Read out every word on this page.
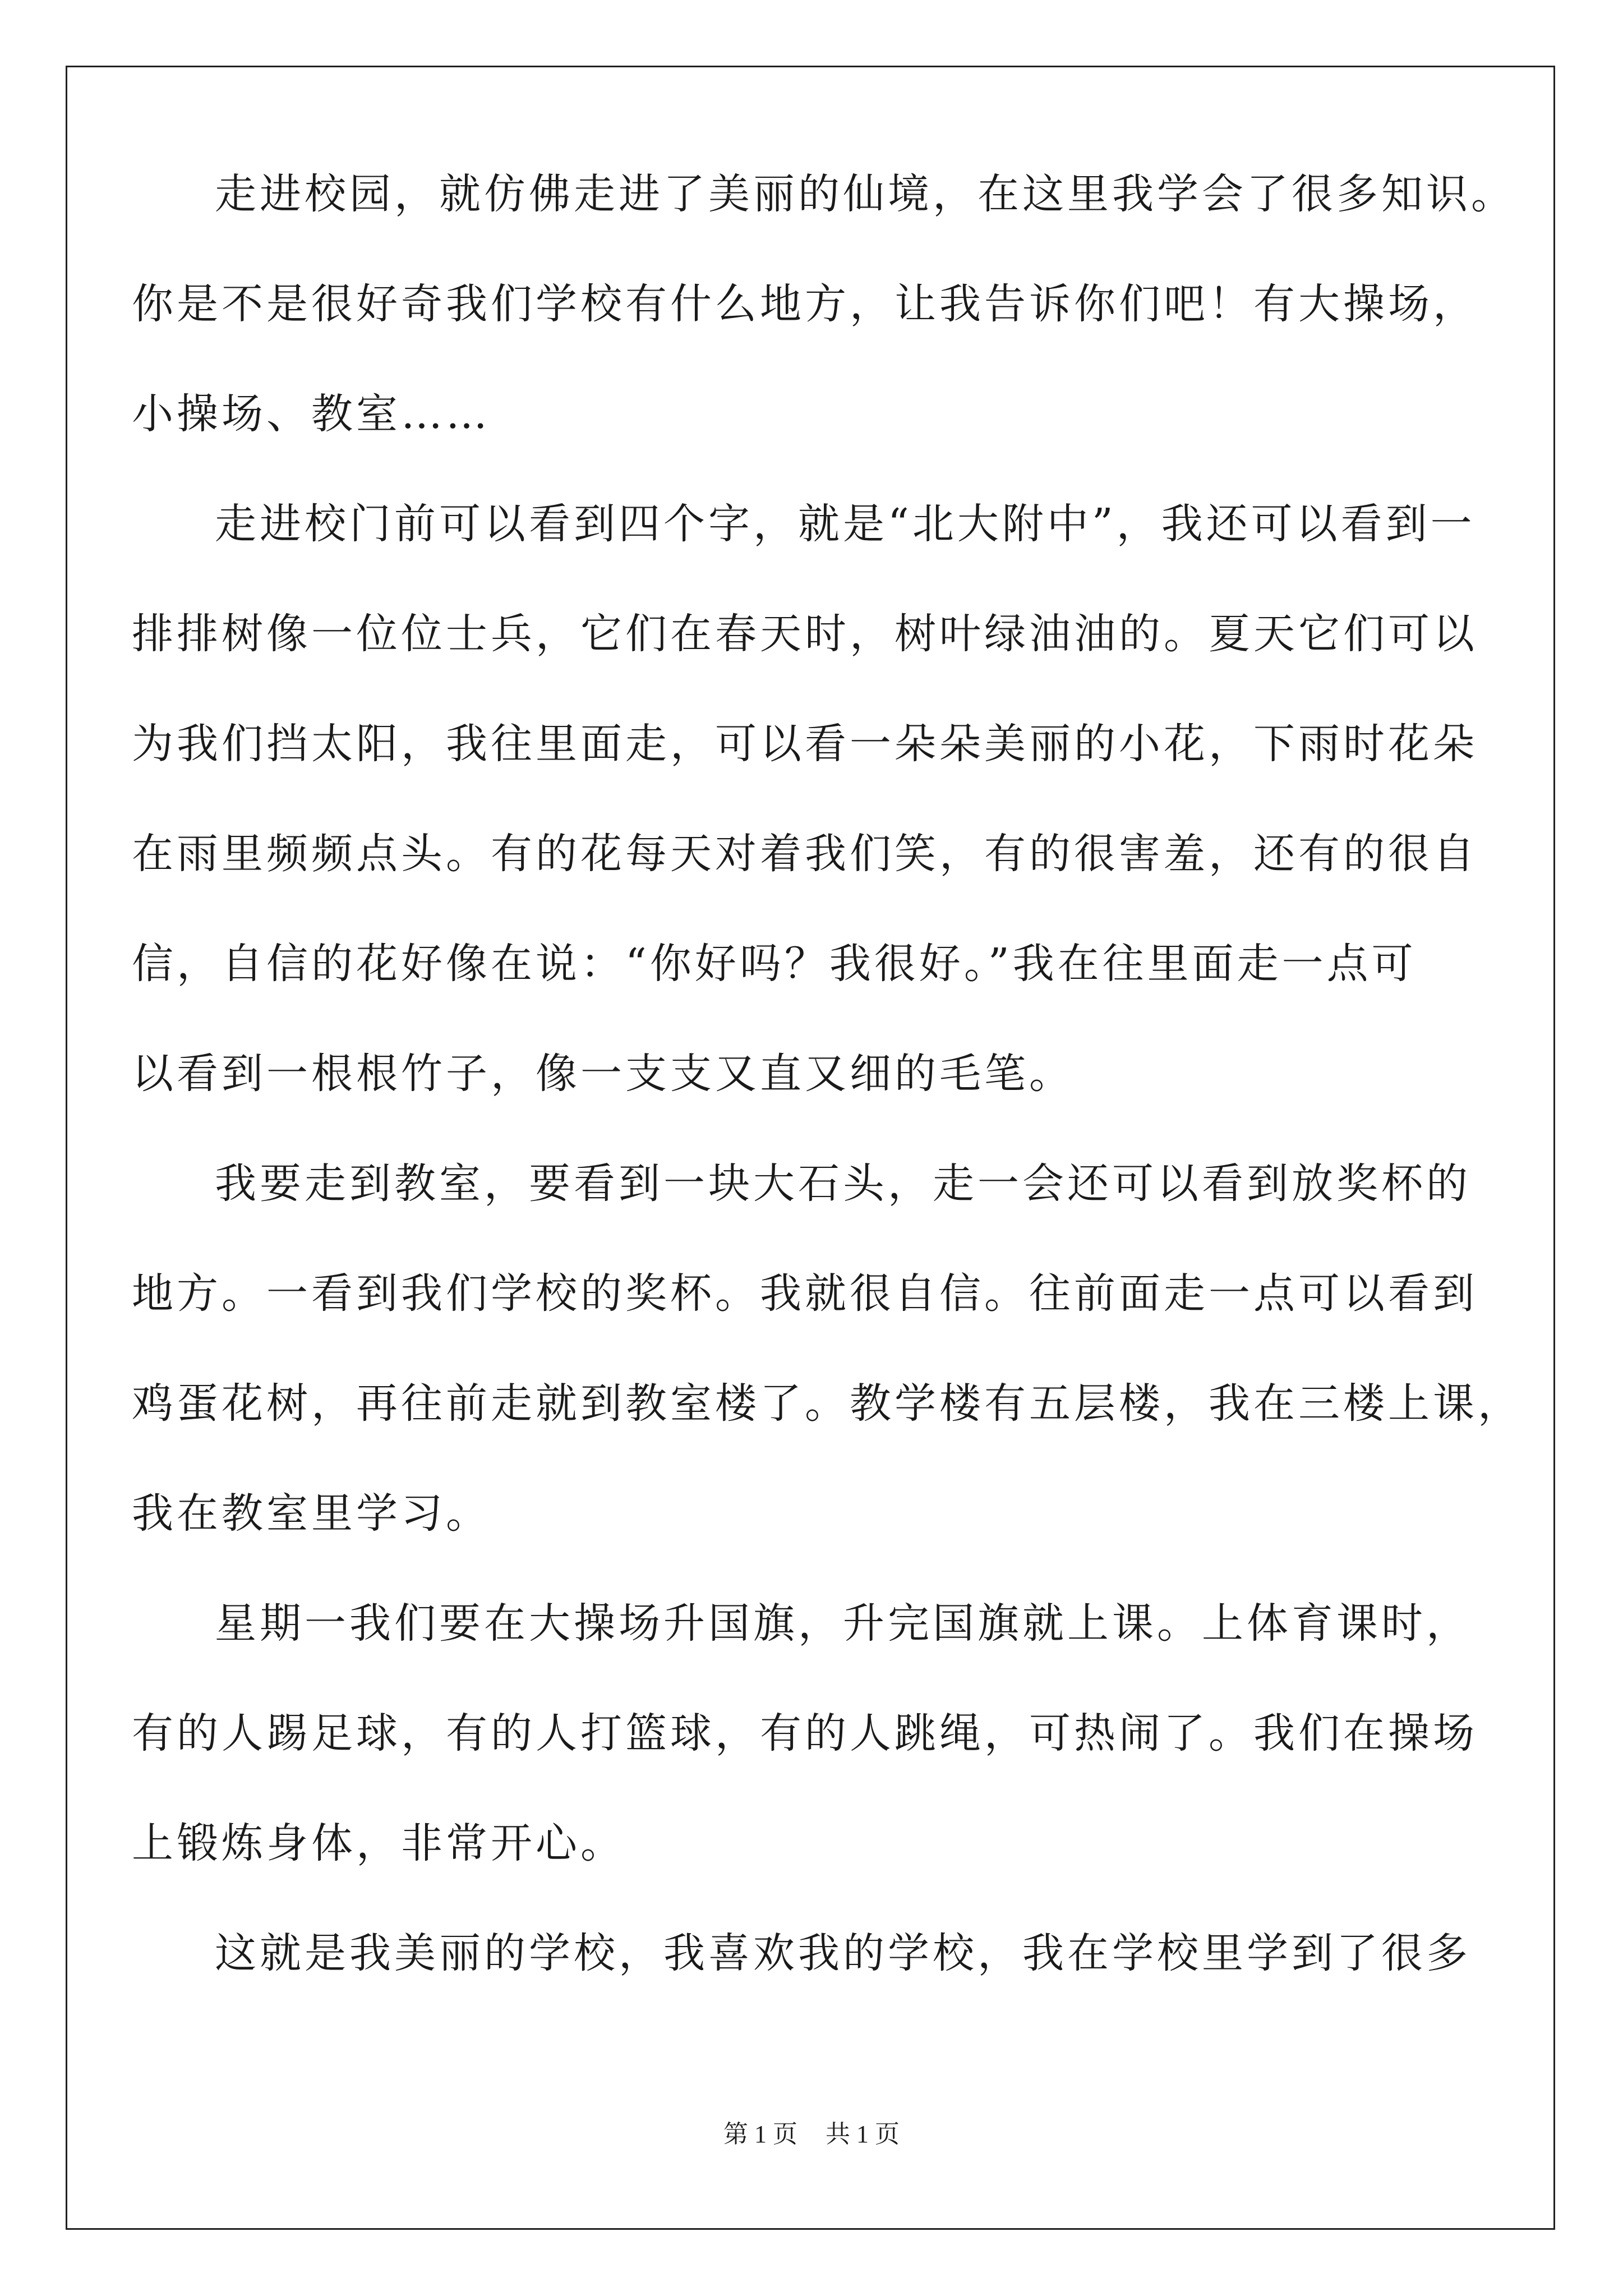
走进校园，就仿佛走进了美丽的仙境，在这里我学会了很多知识。
你是不是很好奇我们学校有什么地方，让我告诉你们吧！有大操场，
小操场、教室……
走进校门前可以看到四个字，就是“北大附中”，我还可以看到一
排排树像一位位士兵，它们在春天时，树叶绿油油的。夏天它们可以
为我们挡太阳，我往里面走，可以看一朵朵美丽的小花，下雨时花朵
在雨里频频点头。有的花每天对着我们笑，有的很害羞，还有的很自
信，自信的花好像在说：“你好吗？我很好。”我在往里面走一点可
以看到一根根竹子，像一支支又直又细的毛笔。
我要走到教室，要看到一块大石头，走一会还可以看到放奖杯的
地方。一看到我们学校的奖杯。我就很自信。往前面走一点可以看到
鸡蛋花树，再往前走就到教室楼了。教学楼有五层楼，我在三楼上课，
我在教室里学习。
星期一我们要在大操场升国旗，升完国旗就上课。上体育课时，
有的人踢足球，有的人打篮球，有的人跳绳，可热闹了。我们在操场
上锻炼身体，非常开心。
这就是我美丽的学校，我喜欢我的学校，我在学校里学到了很多
第 1 页 共 1 页
